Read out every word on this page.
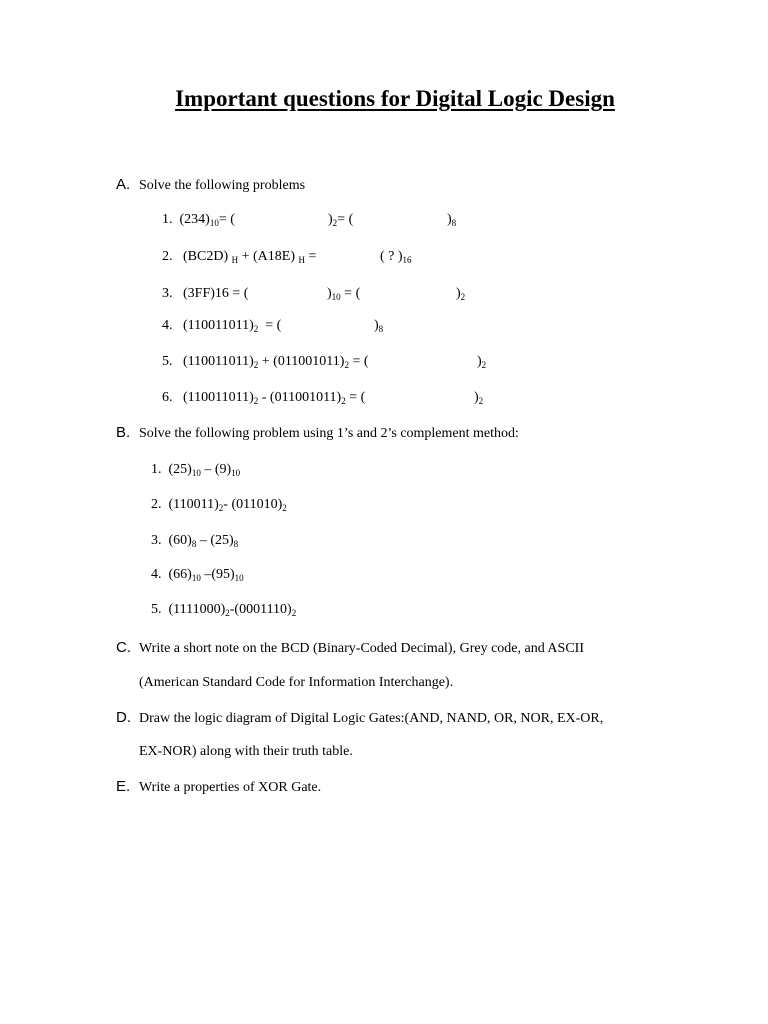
Important questions for Digital Logic Design
A. Solve the following problems
1. $(234)_{10}=$ (	)$_2=$ (	)$_8$
2. (BC2D) $_H$ + (A18E) $_H$ =	( ? )$_{16}$
3. (3FF)16 = (	)$_{10}$ = (	)$_2$
4. $(110011011)_2$ = (	)$_8$
5. $(110011011)_2 + (011001011)_2$ = (	)$_2$
6. $(110011011)_2 - (011001011)_2$ = (	)$_2$
B. Solve the following problem using 1’s and 2’s complement method:
1. $(25)_{10} - (9)_{10}$
2. $(110011)_2-$ $(011010)_2$
3. $(60)_8 - (25)_8$
4. $(66)_{10}$ $-(95)_{10}$
5. $(1111000)_2-(0001110)_2$
C. Write a short note on the BCD (Binary-Coded Decimal), Grey code, and ASCII
(American Standard Code for Information Interchange).
D. Draw the logic diagram of Digital Logic Gates:(AND, NAND, OR, NOR, EX-OR,
EX-NOR) along with their truth table.
E. Write a properties of XOR Gate.
